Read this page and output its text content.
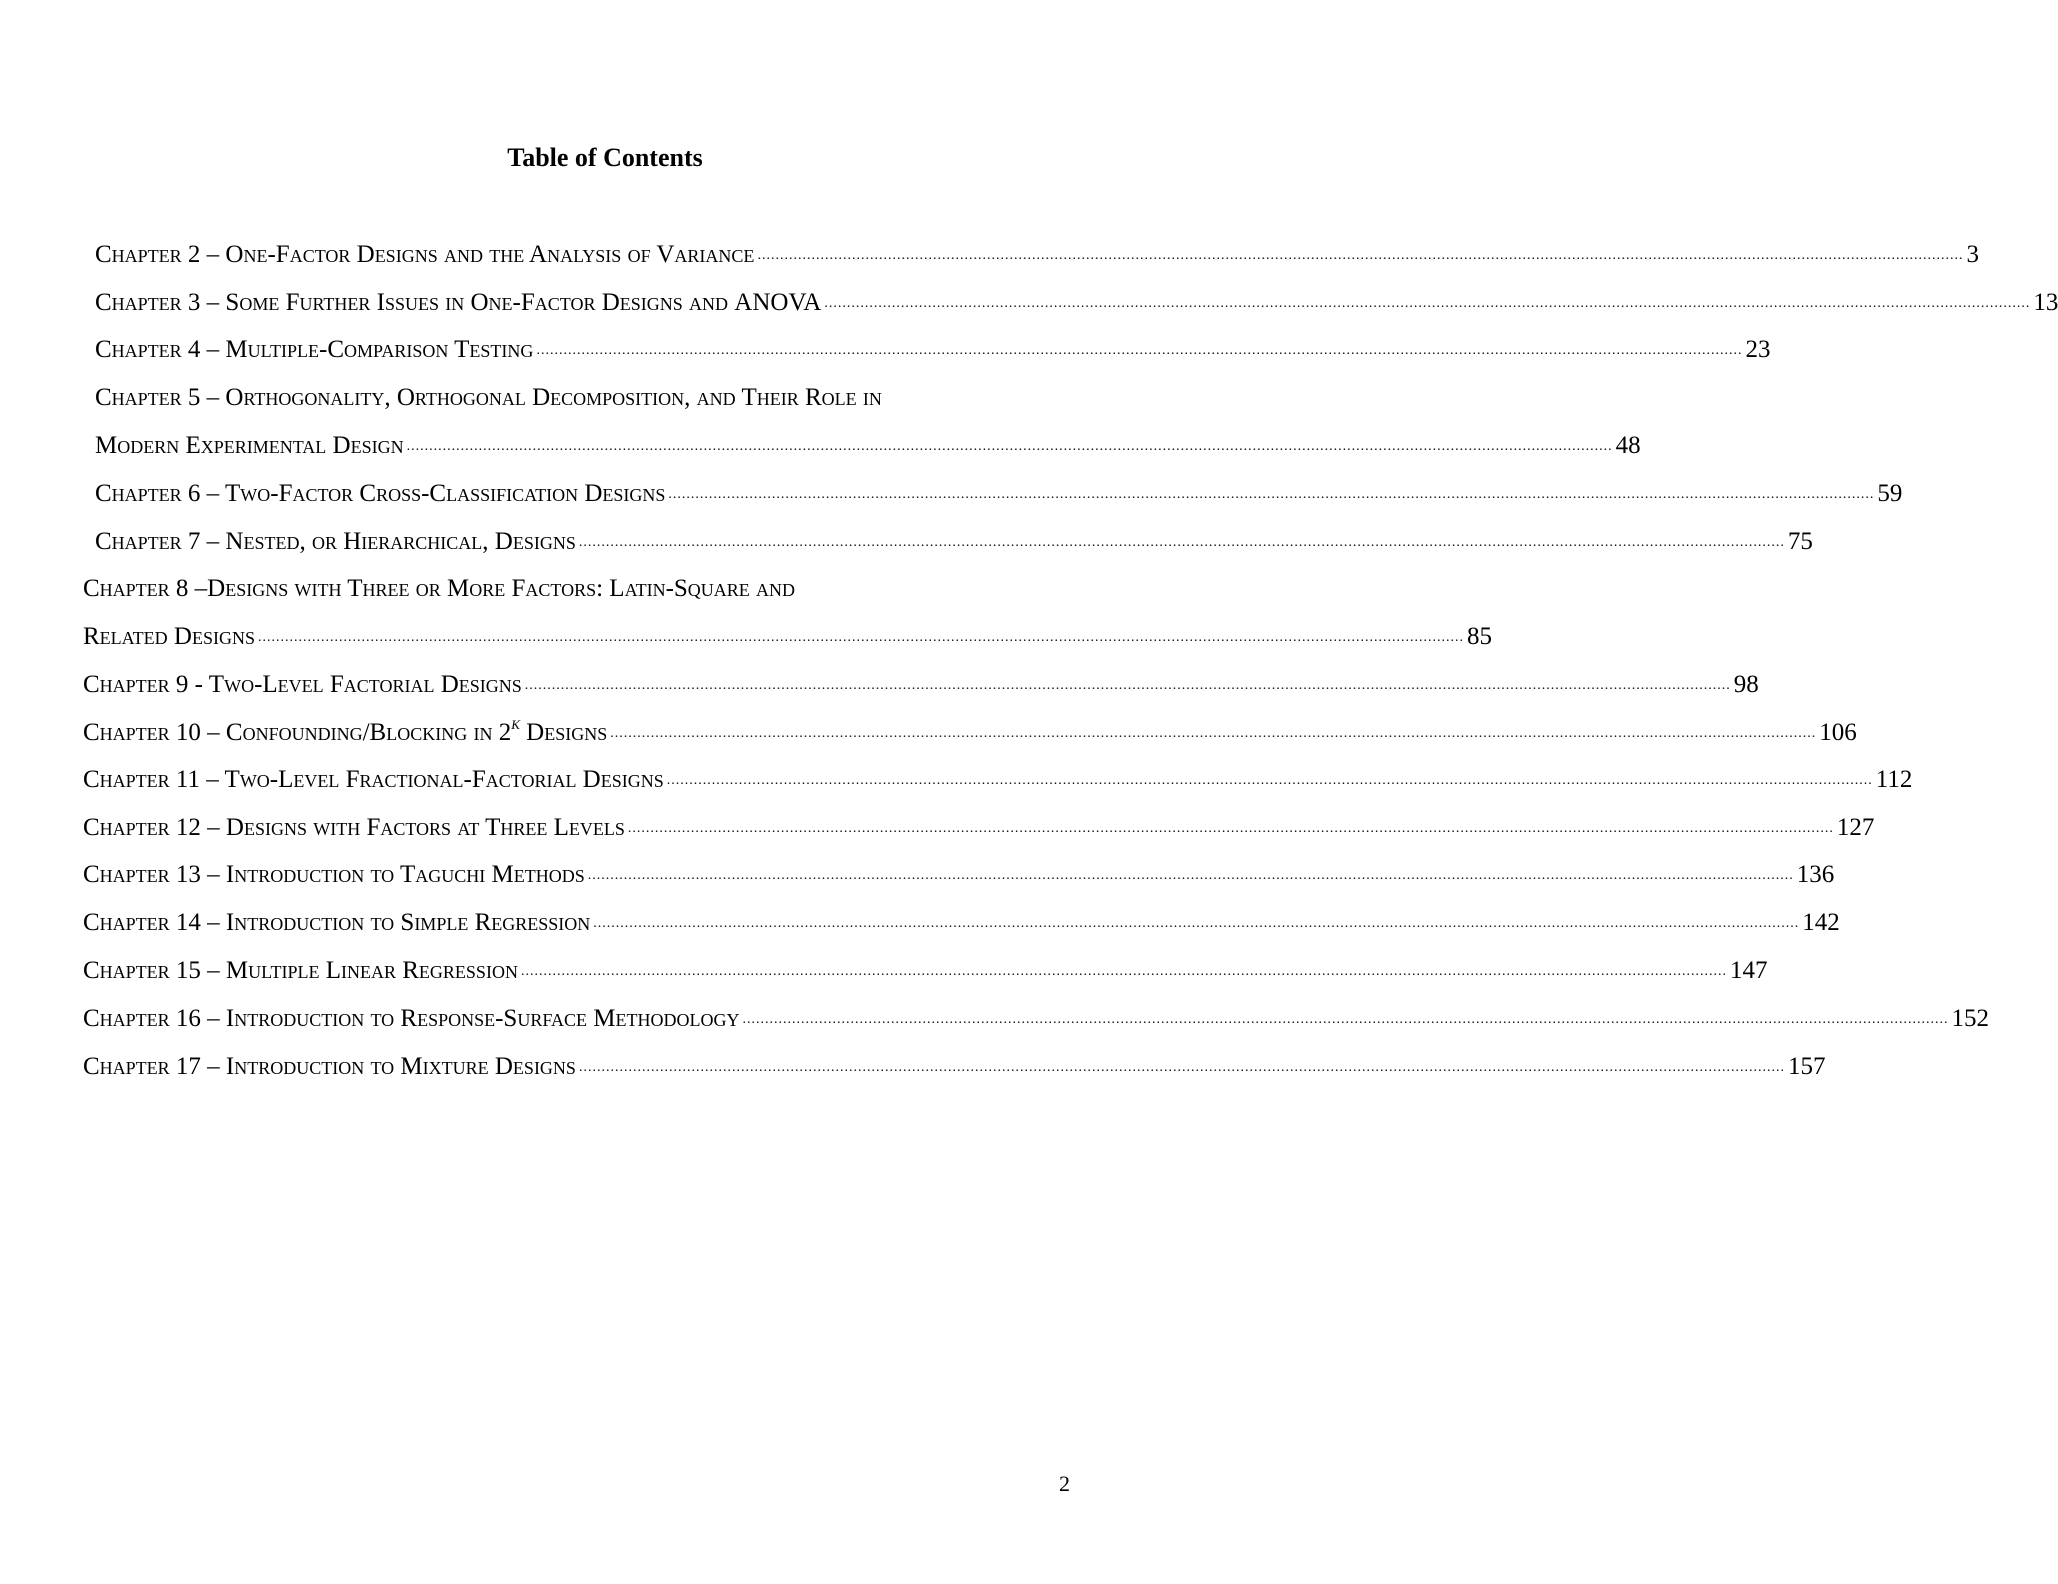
Table of Contents
Chapter 2 – One-Factor Designs and the Analysis of Variance ............................................................................................................................................................................................................................................................................ 3
Chapter 3 – Some Further Issues in One-Factor Designs and ANOVA ............................................................................................................................................................................................................................................................................ 13
Chapter 4 – Multiple-Comparison Testing ............................................................................................................................................................................................................................................................................ 23
Chapter 5 – Orthogonality, Orthogonal Decomposition, and Their Role in
Modern Experimental Design ............................................................................................................................................................................................................................................................................ 48
Chapter 6 – Two-Factor Cross-Classification Designs ............................................................................................................................................................................................................................................................................ 59
Chapter 7 – Nested, or Hierarchical, Designs ............................................................................................................................................................................................................................................................................ 75
Chapter 8 –Designs with Three or More Factors: Latin-Square and
Related Designs ............................................................................................................................................................................................................................................................................ 85
Chapter 9 - Two-Level Factorial Designs ............................................................................................................................................................................................................................................................................ 98
Chapter 10 – Confounding/Blocking in $2^K$ Designs ............................................................................................................................................................................................................................................................................ 106
Chapter 11 – Two-Level Fractional-Factorial Designs ............................................................................................................................................................................................................................................................................ 112
Chapter 12 – Designs with Factors at Three Levels ............................................................................................................................................................................................................................................................................ 127
Chapter 13 – Introduction to Taguchi Methods ............................................................................................................................................................................................................................................................................ 136
Chapter 14 – Introduction to Simple Regression ............................................................................................................................................................................................................................................................................ 142
Chapter 15 – Multiple Linear Regression ............................................................................................................................................................................................................................................................................ 147
Chapter 16 – Introduction to Response-Surface Methodology ............................................................................................................................................................................................................................................................................ 152
Chapter 17 – Introduction to Mixture Designs ............................................................................................................................................................................................................................................................................ 157
2
